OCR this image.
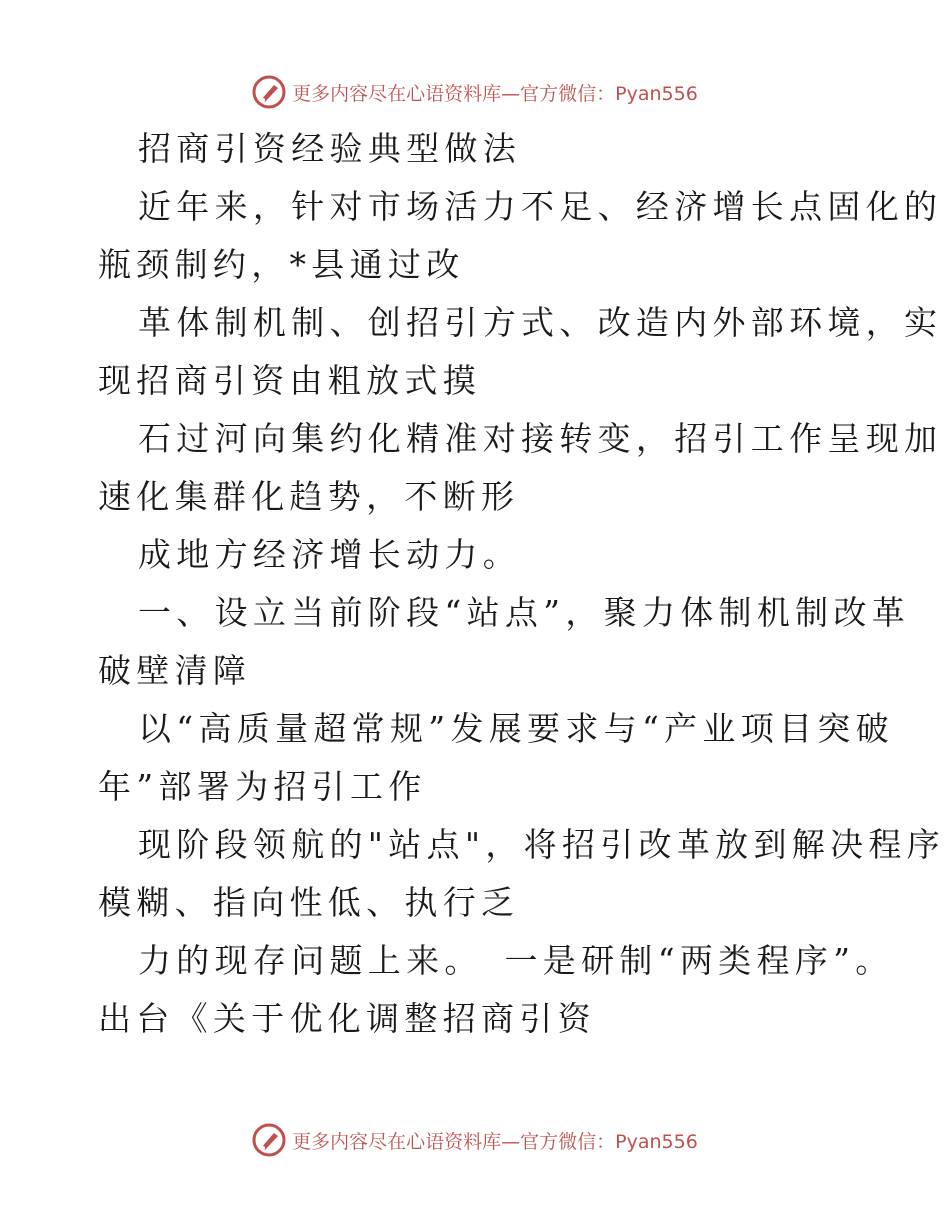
更多内容尽在心语资料库—官方微信：Pyan556
招商引资经验典型做法
近年来，针对市场活力不足、经济增长点固化的
瓶颈制约，*县通过改
革体制机制、创招引方式、改造内外部环境，实
现招商引资由粗放式摸
石过河向集约化精准对接转变，招引工作呈现加
速化集群化趋势，不断形
成地方经济增长动力。
一、设立当前阶段“站点”，聚力体制机制改革
破壁清障
以“高质量超常规”发展要求与“产业项目突破
年”部署为招引工作
现阶段领航的"站点"，将招引改革放到解决程序
模糊、指向性低、执行乏
力的现存问题上来。　一是研制“两类程序”。
出台《关于优化调整招商引资
更多内容尽在心语资料库—官方微信：Pyan556
